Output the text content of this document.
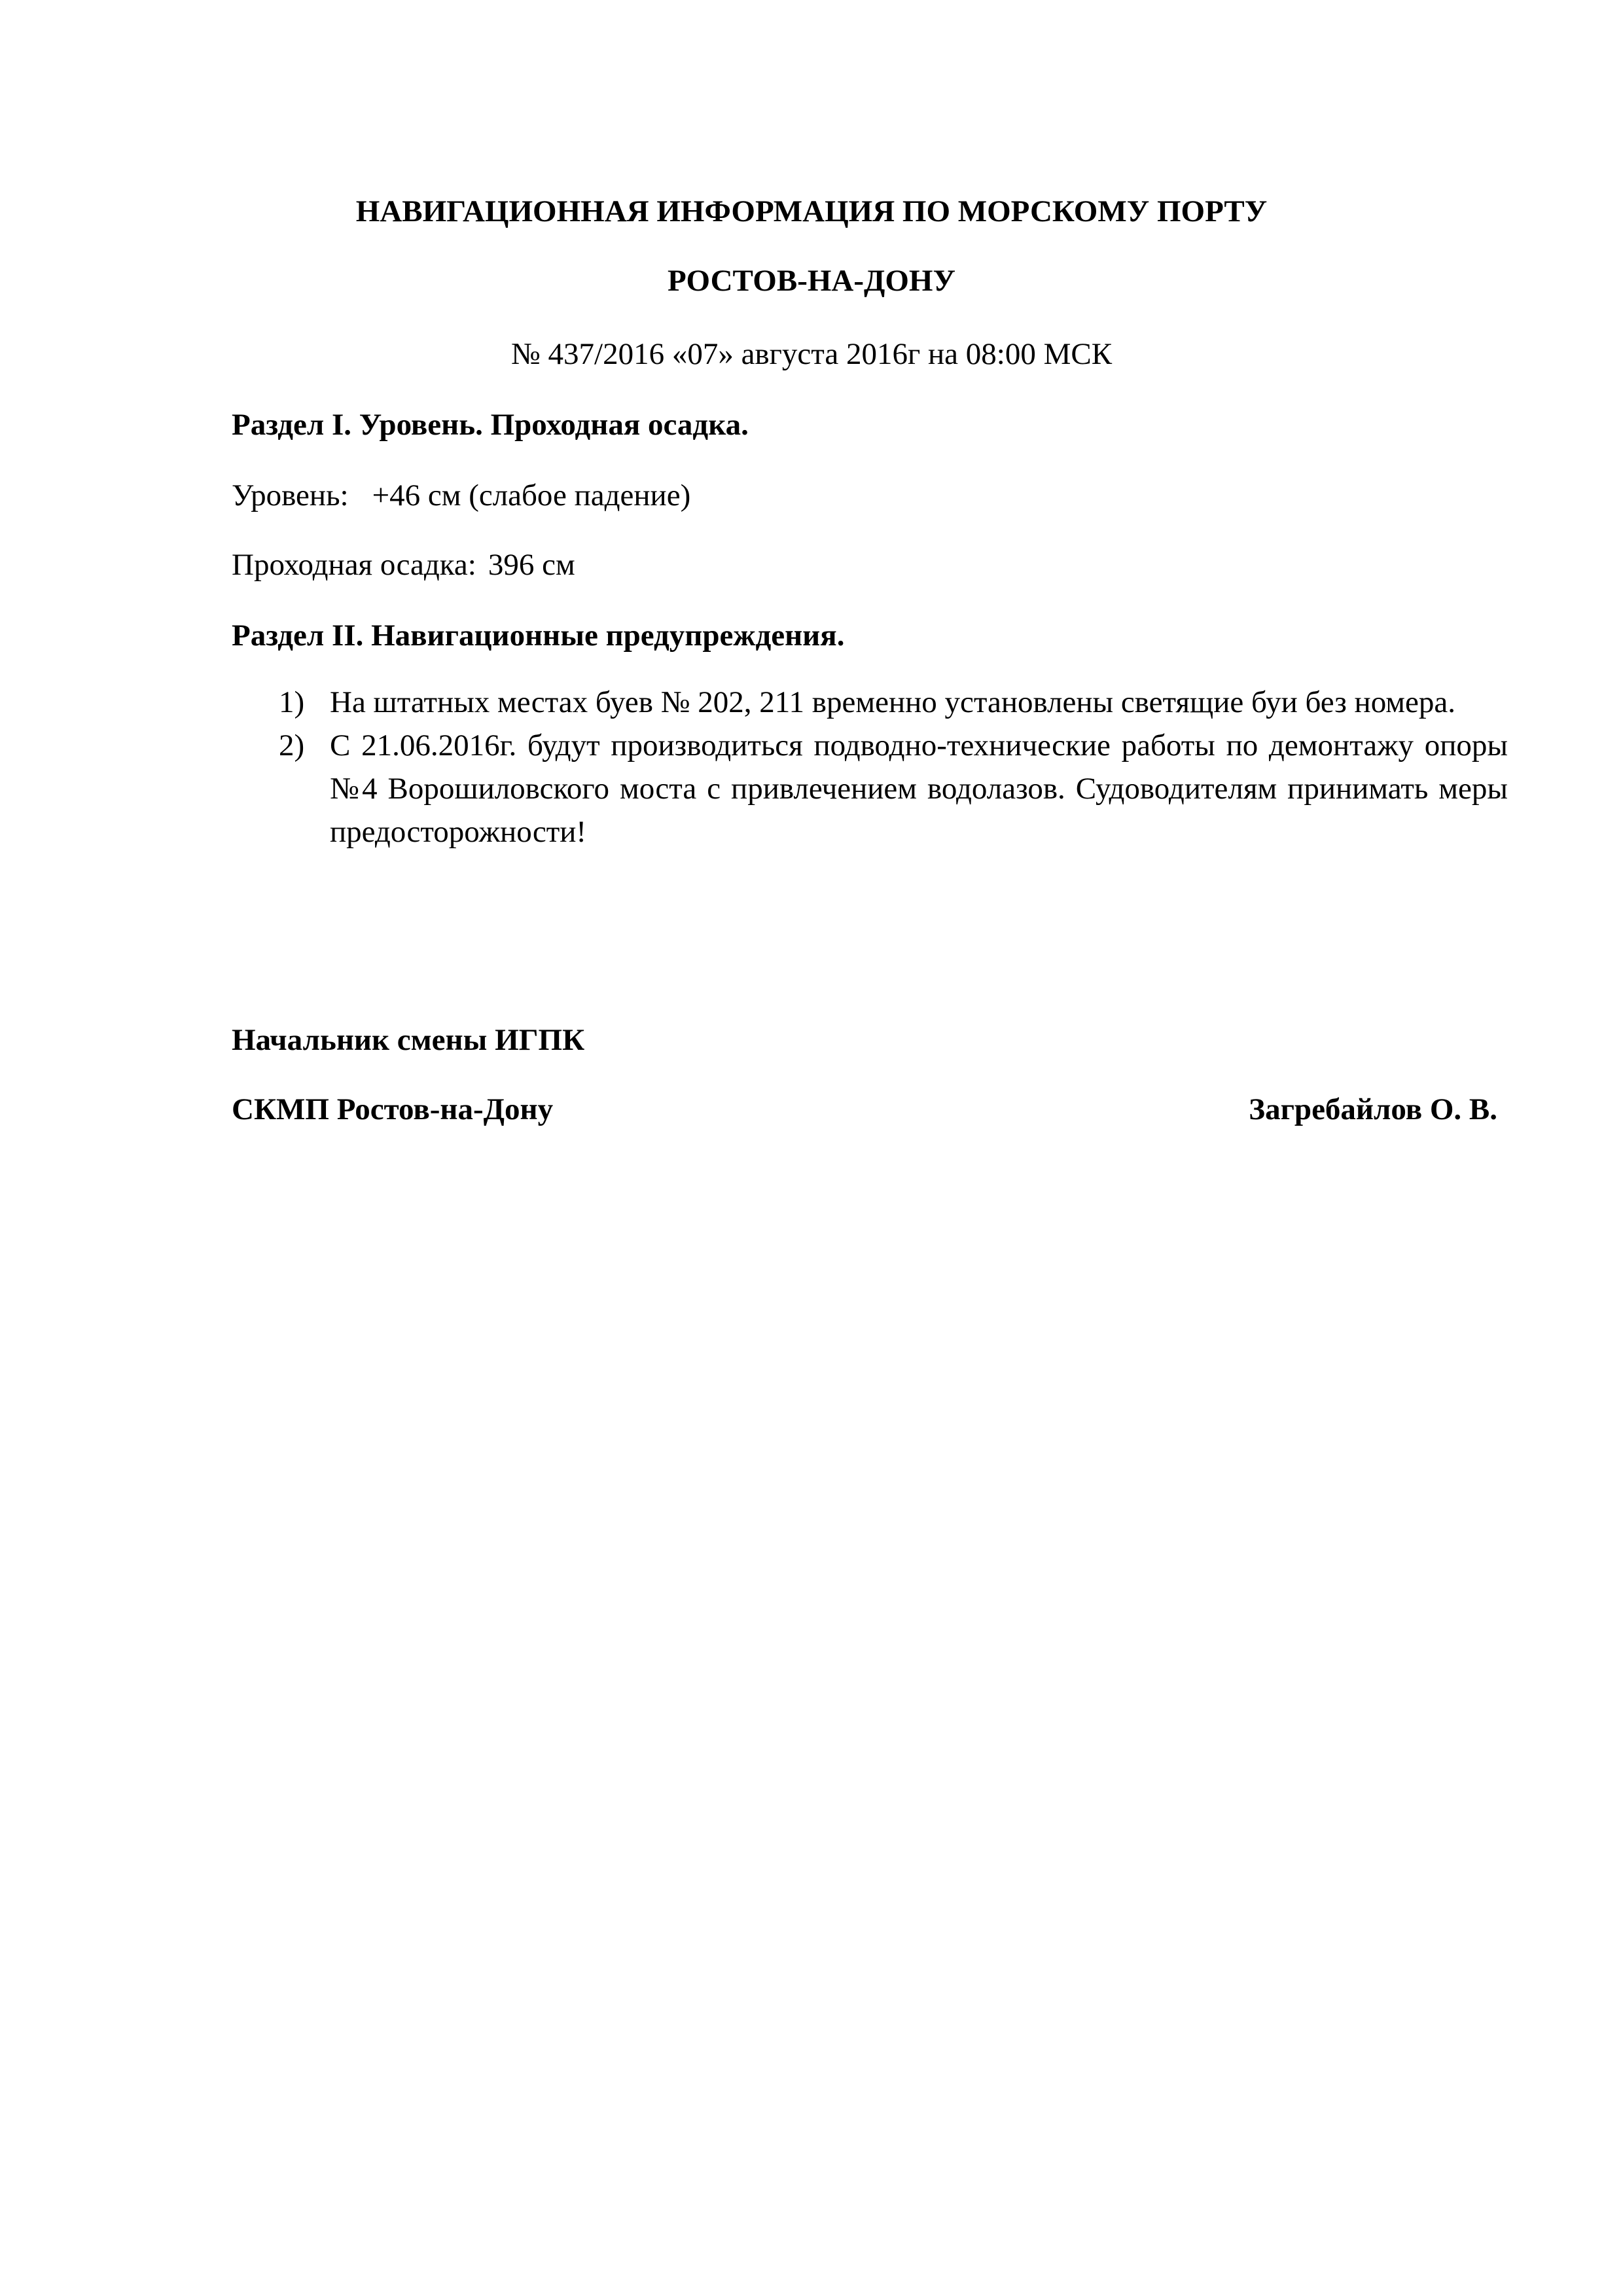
НАВИГАЦИОННАЯ ИНФОРМАЦИЯ ПО МОРСКОМУ ПОРТУ
РОСТОВ-НА-ДОНУ
№ 437/2016 «07» августа 2016г на 08:00 МСК
Раздел I. Уровень. Проходная осадка.
Уровень: +46 см (слабое падение)
Проходная осадка: 396 см
Раздел II. Навигационные предупреждения.
1) На штатных местах буев № 202, 211 временно установлены светящие буи без номера.
2) С 21.06.2016г. будут производиться подводно-технические работы по демонтажу опоры №4 Ворошиловского моста с привлечением водолазов. Судоводителям принимать меры предосторожности!
Начальник смены ИГПК
СКМП Ростов-на-Дону	Загребайлов О. В.
